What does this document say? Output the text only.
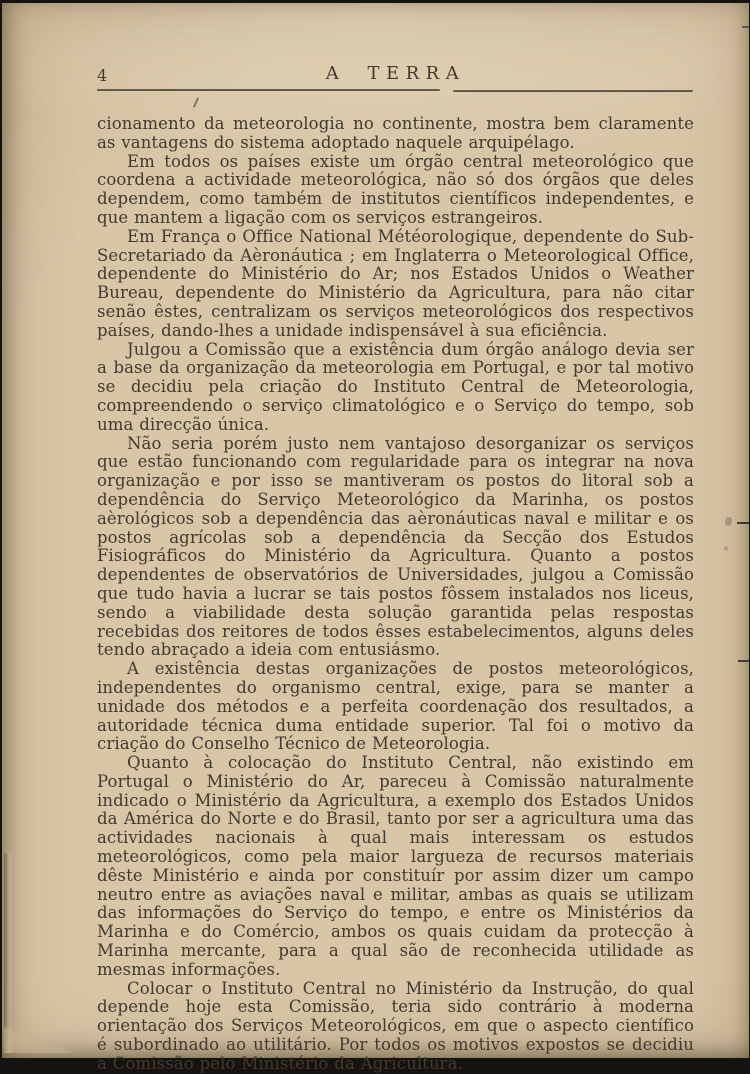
4	A TERRA

cionamento da meteorologia no continente, mostra bem claramente as vantagens do sistema adoptado naquele arquipélago.

Em todos os países existe um órgão central meteorológico que coordena a actividade meteorológica, não só dos órgãos que deles dependem, como também de institutos científicos independentes, e que mantem a ligação com os serviços estrangeiros.

Em França o Office National Météorologique, dependente do Sub-Secretariado da Aèronáutica ; em Inglaterra o Meteorological Office, dependente do Ministério do Ar; nos Estados Unidos o Weather Bureau, dependente do Ministério da Agricultura, para não citar senão êstes, centralizam os serviços meteorológicos dos respectivos países, dando-lhes a unidade indispensável à sua eficiência.

Julgou a Comissão que a existência dum órgão análogo devia ser a base da organização da meteorologia em Portugal, e por tal motivo se decidiu pela criação do Instituto Central de Meteorologia, compreendendo o serviço climatológico e o Serviço do tempo, sob uma direcção única.

Não seria porém justo nem vantajoso desorganizar os serviços que estão funcionando com regularidade para os integrar na nova organização e por isso se mantiveram os postos do litoral sob a dependência do Serviço Meteorológico da Marinha, os postos aèrológicos sob a dependência das aèronáuticas naval e militar e os postos agrícolas sob a dependência da Secção dos Estudos Fisiográficos do Ministério da Agricultura. Quanto a postos dependentes de observatórios de Universidades, julgou a Comissão que tudo havia a lucrar se tais postos fôssem instalados nos liceus, sendo a viabilidade desta solução garantida pelas respostas recebidas dos reitores de todos êsses estabelecimentos, alguns deles tendo abraçado a ideia com entusiásmo.

A existência destas organizações de postos meteorológicos, independentes do organismo central, exige, para se manter a unidade dos métodos e a perfeita coordenação dos resultados, a autoridade técnica duma entidade superior. Tal foi o motivo da criação do Conselho Técnico de Meteorologia.

Quanto à colocação do Instituto Central, não existindo em Portugal o Ministério do Ar, pareceu à Comissão naturalmente indicado o Ministério da Agricultura, a exemplo dos Estados Unidos da América do Norte e do Brasil, tanto por ser a agricultura uma das actividades nacionais à qual mais interessam os estudos meteorológicos, como pela maior largueza de recursos materiais dêste Ministério e ainda por constituír por assim dizer um campo neutro entre as aviações naval e militar, ambas as quais se utilizam das informações do Serviço do tempo, e entre os Ministérios da Marinha e do Comércio, ambos os quais cuidam da protecção à Marinha mercante, para a qual são de reconhecida utilidade as mesmas informações.

Colocar o Instituto Central no Ministério da Instrução, do qual depende hoje esta Comissão, teria sido contrário à moderna orientação dos Serviços Meteorológicos, em que o aspecto científico é subordinado ao utilitário. Por todos os motivos expostos se decidiu a Comissão pelo Ministério da Agricultura.
